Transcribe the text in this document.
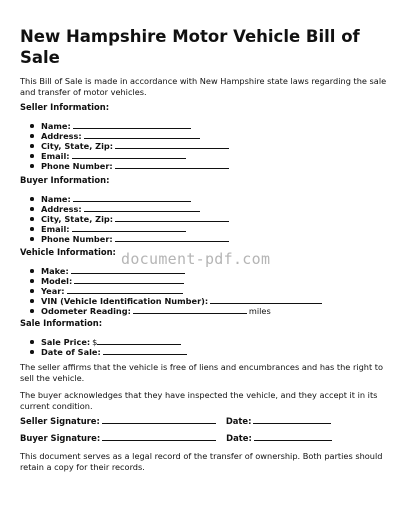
New Hampshire Motor Vehicle Bill of Sale

This Bill of Sale is made in accordance with New Hampshire state laws regarding the sale and transfer of motor vehicles.

Seller Information:
Name:
Address:
City, State, Zip:
Email:
Phone Number:
Buyer Information:
Name:
Address:
City, State, Zip:
Email:
Phone Number:
Vehicle Information:
Make:
Model:
Year:
VIN (Vehicle Identification Number):
Odometer Reading:	miles
Sale Information:
Sale Price: $
Date of Sale:

The seller affirms that the vehicle is free of liens and encumbrances and has the right to sell the vehicle.

The buyer acknowledges that they have inspected the vehicle, and they accept it in its current condition.

Seller Signature:	Date:
Buyer Signature:	Date:

This document serves as a legal record of the transfer of ownership. Both parties should retain a copy for their records.

document-pdf.com
